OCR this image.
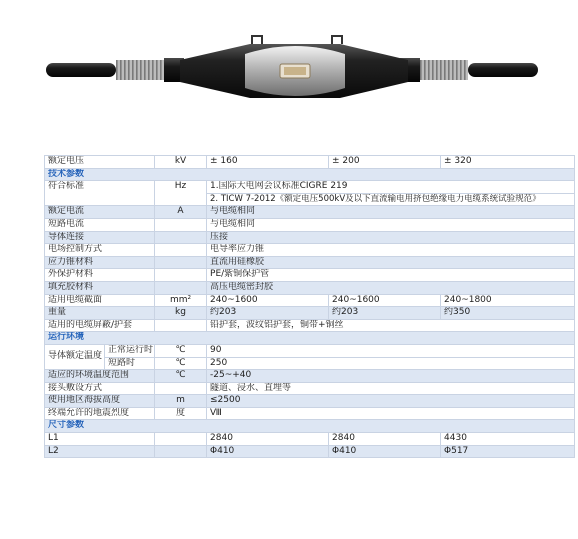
额定电压		kV	± 160	± 200	± 320
技术参数					
符合标准		Hz	1.国际大电网会议标准CIGRE 219		
			2. TICW 7-2012《额定电压500kV及以下直流输电用挤包绝缘电力电缆系统试验规范》		
额定电流		A	与电缆相同		
短路电流			与电缆相同		
导体连接			压接		
电场控制方式			电导率应力锥		
应力锥材料			直流用硅橡胶		
外保护材料			PE/紫铜保护管		
填充胶材料			高压电缆密封胶		
适用电缆截面		mm²	240~1600	240~1600	240~1800
重量		kg	约203	约203	约350
适用的电缆屏蔽/护套			铅护套，波纹铝护套，铜带+铜丝		
运行环境					
导体额定温度	正常运行时	℃	90		
	短路时	℃	250		
适应的环境温度范围		℃	-25~+40		
接头敷设方式			隧道、浸水、直埋等		
使用地区海拔高度		m	≤2500		
终端允许的地震烈度		度	Ⅷ		
尺寸参数					
L1			2840	2840	4430
L2			Φ410	Φ410	Φ517
